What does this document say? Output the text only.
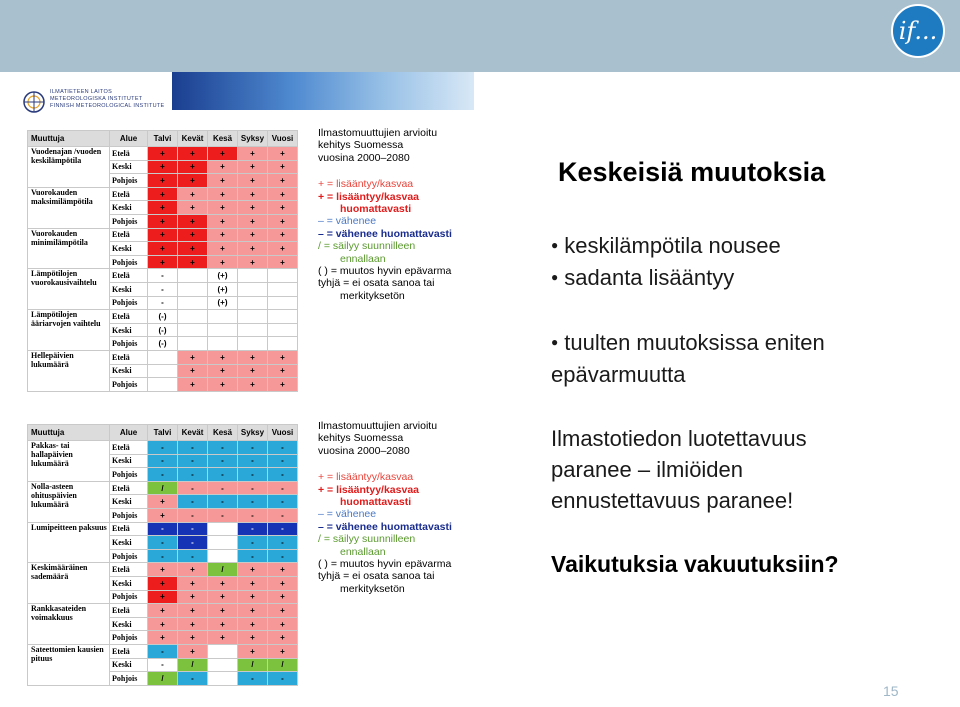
if...
ILMATIETEEN LAITOS
METEOROLOGISKA INSTITUTET
FINNISH METEOROLOGICAL INSTITUTE
Muuttuja	Alue	Talvi	Kevät	Kesä	Syksy	Vuosi
Vuodenajan /vuoden keskilämpötila	Etelä	+	+	+	+	+
	Keski	+	+	+	+	+
	Pohjois	+	+	+	+	+
Vuorokauden maksimilämpötila	Etelä	+	+	+	+	+
	Keski	+	+	+	+	+
	Pohjois	+	+	+	+	+
Vuorokauden minimilämpötila	Etelä	+	+	+	+	+
	Keski	+	+	+	+	+
	Pohjois	+	+	+	+	+
Lämpötilojen vuorokausivaihtelu	Etelä	-		(+)		
	Keski	-		(+)		
	Pohjois	-		(+)		
Lämpötilojen ääriarvojen vaihtelu	Etelä	(-)				
	Keski	(-)				
	Pohjois	(-)				
Hellepäivien lukumäärä	Etelä		+	+	+	+
	Keski		+	+	+	+
	Pohjois		+	+	+	+
Ilmastomuuttujien arvioitu
kehitys Suomessa
vuosina 2000–2080
+ = lisääntyy/kasvaa
+ = lisääntyy/kasvaa
huomattavasti
– = vähenee
– = vähenee huomattavasti
/ = säilyy suunnilleen
ennallaan
( ) = muutos hyvin epävarma
tyhjä = ei osata sanoa tai
merkityksetön
Muuttuja	Alue	Talvi	Kevät	Kesä	Syksy	Vuosi
Pakkas- tai hallapäivien lukumäärä	Etelä	-	-	-	-	-
	Keski	-	-	-	-	-
	Pohjois	-	-	-	-	-
Nolla-asteen ohituspäivien lukumäärä	Etelä	/	-	-	-	-
	Keski	+	-	-	-	-
	Pohjois	+	-	-	-	-
Lumipeitteen paksuus	Etelä	-	-		-	-
	Keski	-	-		-	-
	Pohjois	-	-		-	-
Keskimääräinen sademäärä	Etelä	+	+	/	+	+
	Keski	+	+	+	+	+
	Pohjois	+	+	+	+	+
Rankkasateiden voimakkuus	Etelä	+	+	+	+	+
	Keski	+	+	+	+	+
	Pohjois	+	+	+	+	+
Sateettomien kausien pituus	Etelä	-	+		+	+
	Keski	-	/		/	/
	Pohjois	/	-		-	-
Ilmastomuuttujien arvioitu
kehitys Suomessa
vuosina 2000–2080
+ = lisääntyy/kasvaa
+ = lisääntyy/kasvaa
huomattavasti
– = vähenee
– = vähenee huomattavasti
/ = säilyy suunnilleen
ennallaan
( ) = muutos hyvin epävarma
tyhjä = ei osata sanoa tai
merkityksetön
Keskeisiä muutoksia
● keskilämpötila nousee
● sadanta lisääntyy
● tuulten muutoksissa eniten
epävarmuutta
Ilmastotiedon luotettavuus
paranee – ilmiöiden
ennustettavuus paranee!
Vaikutuksia vakuutuksiin?
15
